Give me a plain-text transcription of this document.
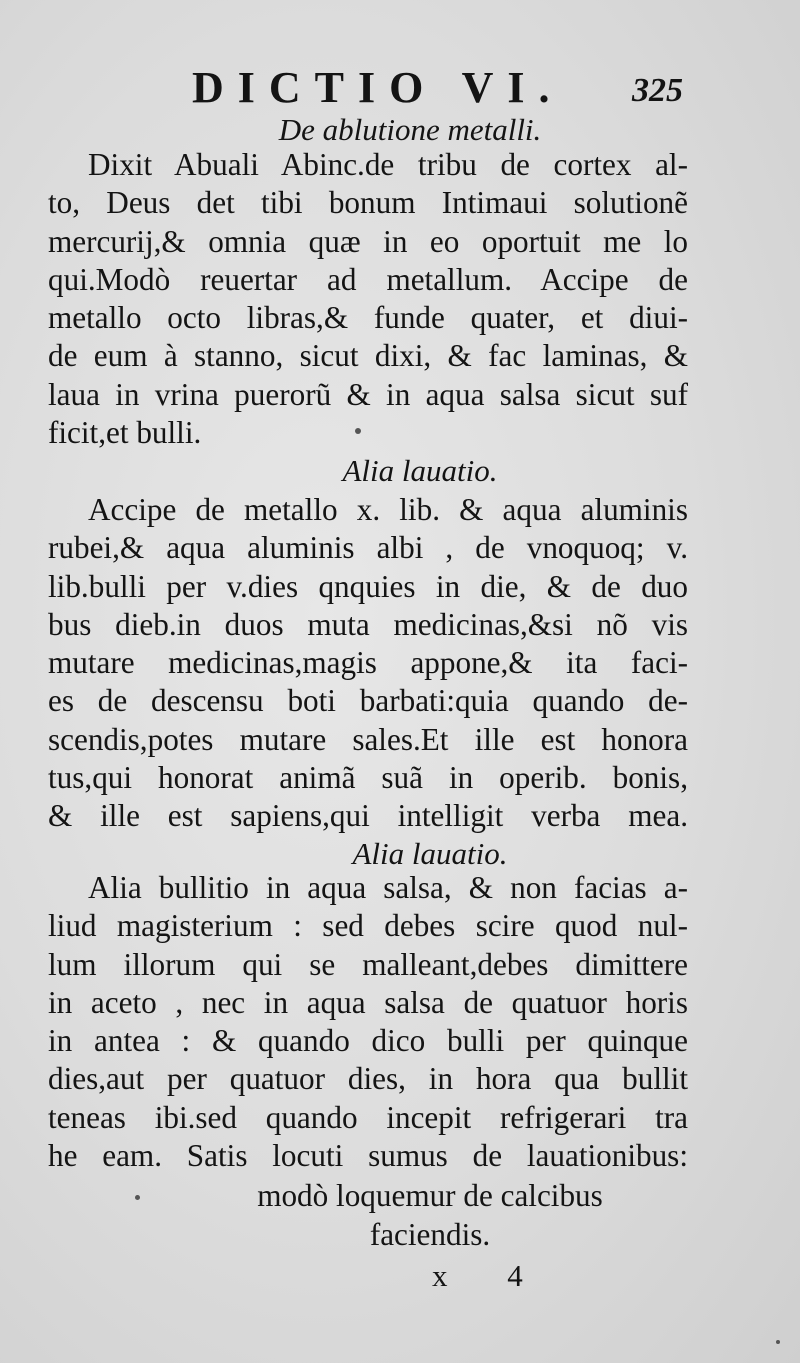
DICTIO VI. 325
De ablutione metalli.
Dixit Abuali Abinc.de tribu de cortex al-
to, Deus det tibi bonum Intimaui solutionẽ
mercurij,& omnia quæ in eo oportuit me lo
qui.Modò reuertar ad metallum. Accipe de
metallo octo libras,& funde quater, et diui-
de eum à stanno, sicut dixi, & fac laminas, &
laua in vrina puerorũ & in aqua salsa sicut suf
ficit,et bulli.
Alia lauatio.
Accipe de metallo x. lib. & aqua aluminis
rubei,& aqua aluminis albi , de vnoquoq; v.
lib.bulli per v.dies qnquies in die, & de duo
bus dieb.in duos muta medicinas,&si nõ vis
mutare medicinas,magis appone,& ita faci-
es de descensu boti barbati:quia quando de-
scendis,potes mutare sales.Et ille est honora
tus,qui honorat animã suã in operib. bonis,
& ille est sapiens,qui intelligit verba mea.
Alia lauatio.
Alia bullitio in aqua salsa, & non facias a-
liud magisterium : sed debes scire quod nul-
lum illorum qui se malleant,debes dimittere
in aceto , nec in aqua salsa de quatuor horis
in antea : & quando dico bulli per quinque
dies,aut per quatuor dies, in hora qua bullit
teneas ibi.sed quando incepit refrigerari tra
he eam. Satis locuti sumus de lauationibus:
modò loquemur de calcibus
faciendis.
x 4
